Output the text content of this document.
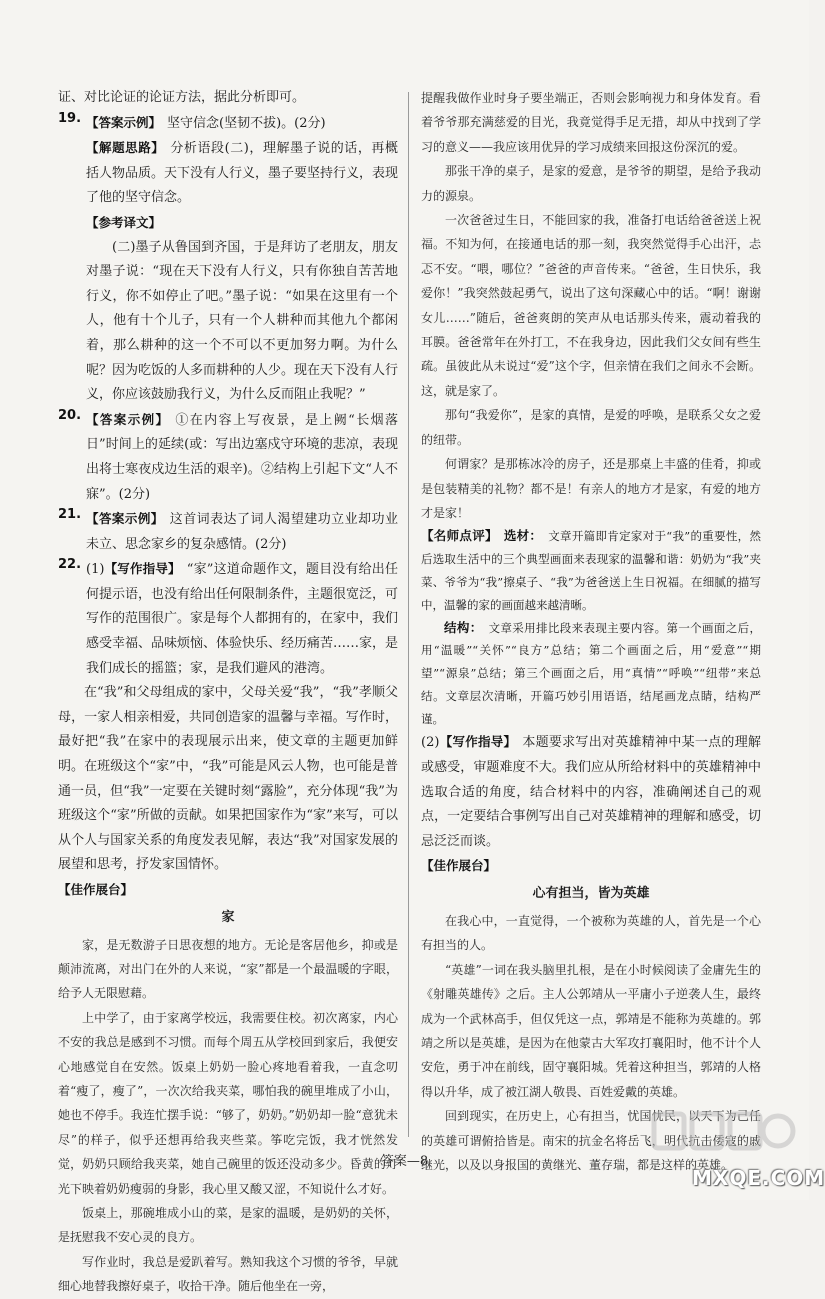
证、对比论证的论证方法，据此分析即可。

19. 【答案示例】 坚守信念(坚韧不拔)。(2分)

【解题思路】 分析语段(二)，理解墨子说的话，再概括人物品质。天下没有人行义，墨子要坚持行义，表现了他的坚守信念。

【参考译文】

(二)墨子从鲁国到齐国，于是拜访了老朋友，朋友对墨子说：“现在天下没有人行义，只有你独自苦苦地行义，你不如停止了吧。”墨子说：“如果在这里有一个人，他有十个儿子，只有一个人耕种而其他九个都闲着，那么耕种的这一个不可以不更加努力啊。为什么呢？因为吃饭的人多而耕种的人少。现在天下没有人行义，你应该鼓励我行义，为什么反而阻止我呢？”

20. 【答案示例】 ①在内容上写夜景，是上阙“长烟落日”时间上的延续(或：写出边塞戍守环境的悲凉，表现出将士寒夜戍边生活的艰辛)。②结构上引起下文“人不寐”。(2分)

21. 【答案示例】 这首词表达了词人渴望建功立业却功业未立、思念家乡的复杂感情。(2分)

22. (1)【写作指导】 “家”这道命题作文，题目没有给出任何提示语，也没有给出任何限制条件，主题很宽泛，可写作的范围很广。家是每个人都拥有的，在家中，我们感受幸福、品味烦恼、体验快乐、经历痛苦……家，是我们成长的摇篮；家，是我们避风的港湾。

在“我”和父母组成的家中，父母关爱“我”，“我”孝顺父母，一家人相亲相爱，共同创造家的温馨与幸福。写作时，最好把“我”在家中的表现展示出来，使文章的主题更加鲜明。在班级这个“家”中，“我”可能是风云人物，也可能是普通一员，但“我”一定要在关键时刻“露脸”，充分体现“我”为班级这个“家”所做的贡献。如果把国家作为“家”来写，可以从个人与国家关系的角度发表见解，表达“我”对国家发展的展望和思考，抒发家国情怀。

【佳作展台】

家

家，是无数游子日思夜想的地方。无论是客居他乡，抑或是颠沛流离，对出门在外的人来说，“家”都是一个最温暖的字眼，给予人无限慰藉。

上中学了，由于家离学校远，我需要住校。初次离家，内心不安的我总是感到不习惯。而每个周五从学校回到家后，我便安心地感觉自在安然。饭桌上奶奶一脸心疼地看着我，一直念叨着“瘦了，瘦了”，一次次给我夹菜，哪怕我的碗里堆成了小山，她也不停手。我连忙摆手说：“够了，奶奶。”奶奶却一脸“意犹未尽”的样子，似乎还想再给我夹些菜。筝吃完饭，我才恍然发觉，奶奶只顾给我夹菜，她自己碗里的饭还没动多少。昏黄的灯光下映着奶奶瘦弱的身影，我心里又酸又涩，不知说什么才好。

饭桌上，那碗堆成小山的菜，是家的温暖，是奶奶的关怀，是抚慰我不安心灵的良方。

写作业时，我总是爱趴着写。熟知我这个习惯的爷爷，早就细心地替我擦好桌子，收拾干净。随后他坐在一旁，

提醒我做作业时身子要坐端正，否则会影响视力和身体发育。看着爷爷那充满慈爱的目光，我竟觉得手足无措，却从中找到了学习的意义——我应该用优异的学习成绩来回报这份深沉的爱。

那张干净的桌子，是家的爱意，是爷爷的期望，是给予我动力的源泉。

一次爸爸过生日，不能回家的我，准备打电话给爸爸送上祝福。不知为何，在接通电话的那一刻，我突然觉得手心出汗，忐忑不安。“喂，哪位？”爸爸的声音传来。“爸爸，生日快乐，我爱你！”我突然鼓起勇气，说出了这句深藏心中的话。“啊！谢谢女儿……”随后，爸爸爽朗的笑声从电话那头传来，震动着我的耳膜。爸爸常年在外打工，不在我身边，因此我们父女间有些生疏。虽彼此从未说过“爱”这个字，但亲情在我们之间永不会断。这，就是家了。

那句“我爱你”，是家的真情，是爱的呼唤，是联系父女之爱的纽带。

何谓家？是那栋冰冷的房子，还是那桌上丰盛的佳肴，抑或是包装精美的礼物？都不是！有亲人的地方才是家，有爱的地方才是家！

【名师点评】 选材： 文章开篇即肯定家对于“我”的重要性，然后选取生活中的三个典型画面来表现家的温馨和谐：奶奶为“我”夹菜、爷爷为“我”擦桌子、“我”为爸爸送上生日祝福。在细腻的描写中，温馨的家的画面越来越清晰。

结构： 文章采用排比段来表现主要内容。第一个画面之后，用“温暖”“关怀”“良方”总结；第二个画面之后，用“爱意”“期望”“源泉”总结；第三个画面之后，用“真情”“呼唤”“纽带”来总结。文章层次清晰，开篇巧妙引用语语，结尾画龙点睛，结构严谨。

(2)【写作指导】 本题要求写出对英雄精神中某一点的理解或感受，审题难度不大。我们应从所给材料中的英雄精神中选取合适的角度，结合材料中的内容，准确阐述自己的观点，一定要结合事例写出自己对英雄精神的理解和感受，切忌泛泛而谈。

【佳作展台】

心有担当，皆为英雄

在我心中，一直觉得，一个被称为英雄的人，首先是一个心有担当的人。

“英雄”一词在我头脑里扎根，是在小时候阅读了金庸先生的《射雕英雄传》之后。主人公郭靖从一平庸小子逆袭人生，最终成为一个武林高手，但仅凭这一点，郭靖是不能称为英雄的。郭靖之所以是英雄，是因为在他蒙古大军攻打襄阳时，他不计个人安危，勇于冲在前线，固守襄阳城。凭着这种担当，郭靖的人格得以升华，成了被江湖人敬畏、百姓爱戴的英雄。

回到现实，在历史上，心有担当，忧国忧民，以天下为己任的英雄可谓俯拾皆是。南宋的抗金名将岳飞，明代抗击倭寇的戚继光，以及以身报国的黄继光、董存瑞，都是这样的英雄。

答案—8
MXQE.COM
